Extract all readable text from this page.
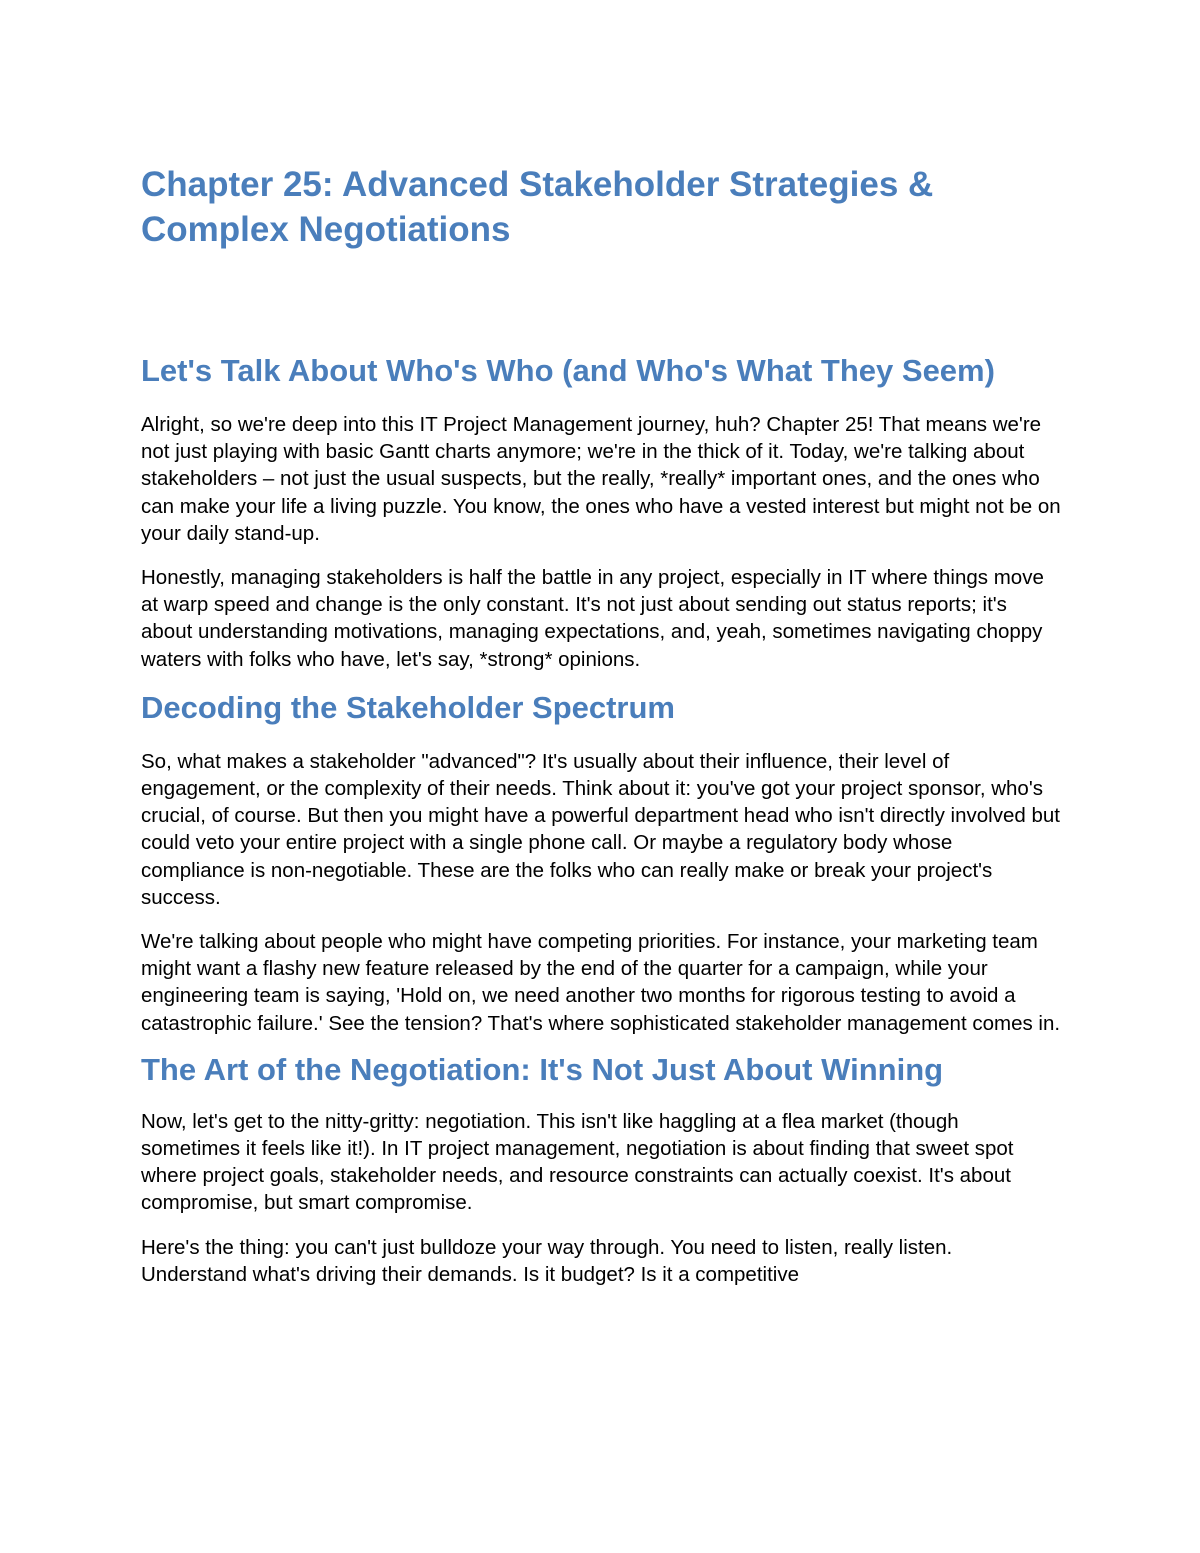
Chapter 25: Advanced Stakeholder Strategies & Complex Negotiations
Let's Talk About Who's Who (and Who's What They Seem)

Alright, so we're deep into this IT Project Management journey, huh? Chapter 25! That means we're not just playing with basic Gantt charts anymore; we're in the thick of it. Today, we're talking about stakeholders – not just the usual suspects, but the really, *really* important ones, and the ones who can make your life a living puzzle. You know, the ones who have a vested interest but might not be on your daily stand-up.

Honestly, managing stakeholders is half the battle in any project, especially in IT where things move at warp speed and change is the only constant. It's not just about sending out status reports; it's about understanding motivations, managing expectations, and, yeah, sometimes navigating choppy waters with folks who have, let's say, *strong* opinions.

Decoding the Stakeholder Spectrum

So, what makes a stakeholder "advanced"? It's usually about their influence, their level of engagement, or the complexity of their needs. Think about it: you've got your project sponsor, who's crucial, of course. But then you might have a powerful department head who isn't directly involved but could veto your entire project with a single phone call. Or maybe a regulatory body whose compliance is non-negotiable. These are the folks who can really make or break your project's success.

We're talking about people who might have competing priorities. For instance, your marketing team might want a flashy new feature released by the end of the quarter for a campaign, while your engineering team is saying, 'Hold on, we need another two months for rigorous testing to avoid a catastrophic failure.' See the tension? That's where sophisticated stakeholder management comes in.

The Art of the Negotiation: It's Not Just About Winning

Now, let's get to the nitty-gritty: negotiation. This isn't like haggling at a flea market (though sometimes it feels like it!). In IT project management, negotiation is about finding that sweet spot where project goals, stakeholder needs, and resource constraints can actually coexist. It's about compromise, but smart compromise.

Here's the thing: you can't just bulldoze your way through. You need to listen, really listen. Understand what's driving their demands. Is it budget? Is it a competitive
